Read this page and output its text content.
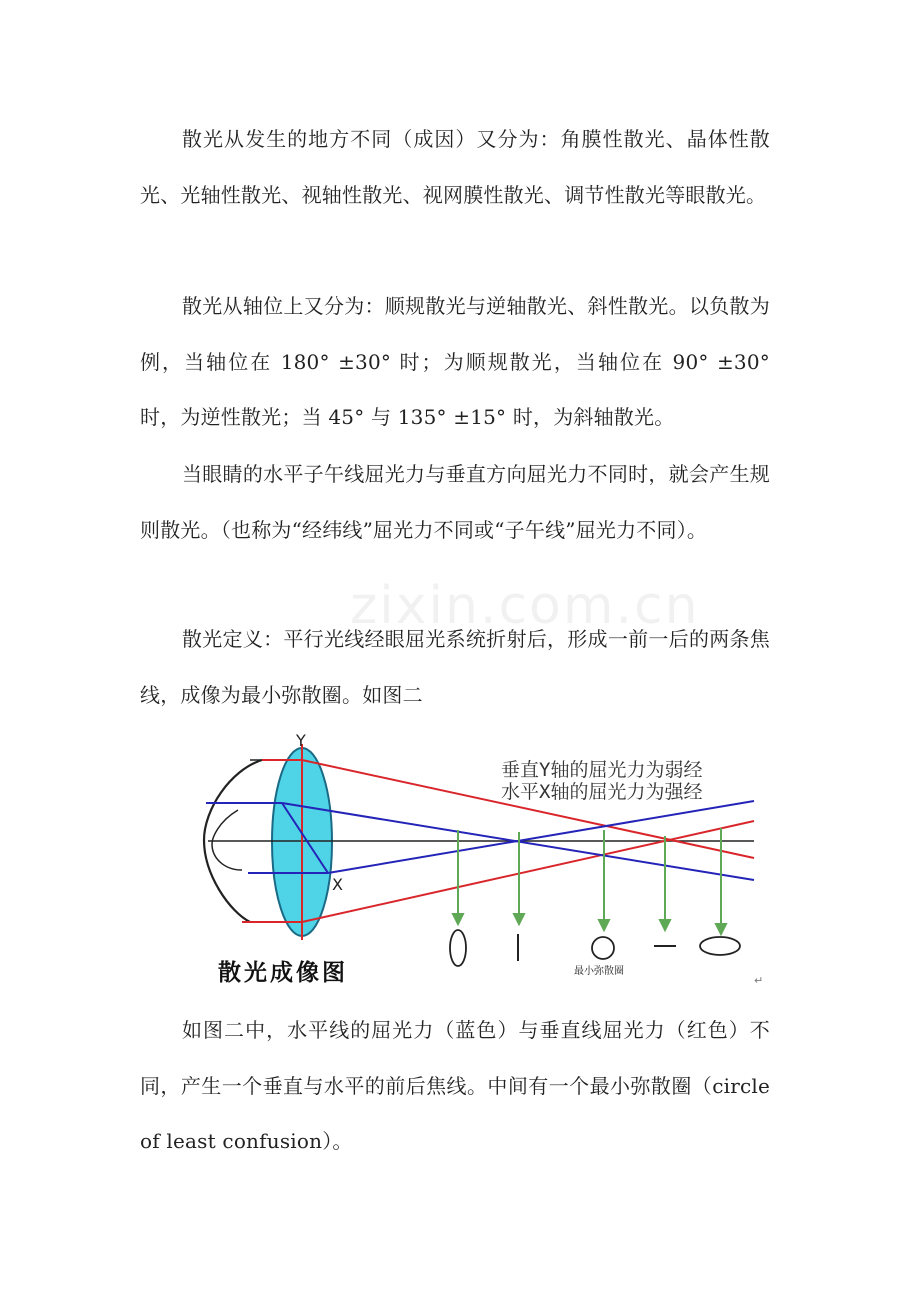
散光从发生的地方不同（成因）又分为：角膜性散光、晶体性散光、光轴性散光、视轴性散光、视网膜性散光、调节性散光等眼散光。

散光从轴位上又分为：顺规散光与逆轴散光、斜性散光。以负散为例，当轴位在 180° ±30° 时；为顺规散光，当轴位在 90° ±30° 时，为逆性散光；当 45° 与 135° ±15° 时，为斜轴散光。

当眼睛的水平子午线屈光力与垂直方向屈光力不同时，就会产生规则散光。（也称为“经纬线”屈光力不同或“子午线”屈光力不同）。

散光定义：平行光线经眼屈光系统折射后，形成一前一后的两条焦线，成像为最小弥散圈。如图二

Y
X
垂直Y轴的屈光力为弱经
水平X轴的屈光力为强经
散光成像图	最小弥散圈
↵

如图二中，水平线的屈光力（蓝色）与垂直线屈光力（红色）不同，产生一个垂直与水平的前后焦线。中间有一个最小弥散圈（circle of least confusion）。

zixin.com.cn
